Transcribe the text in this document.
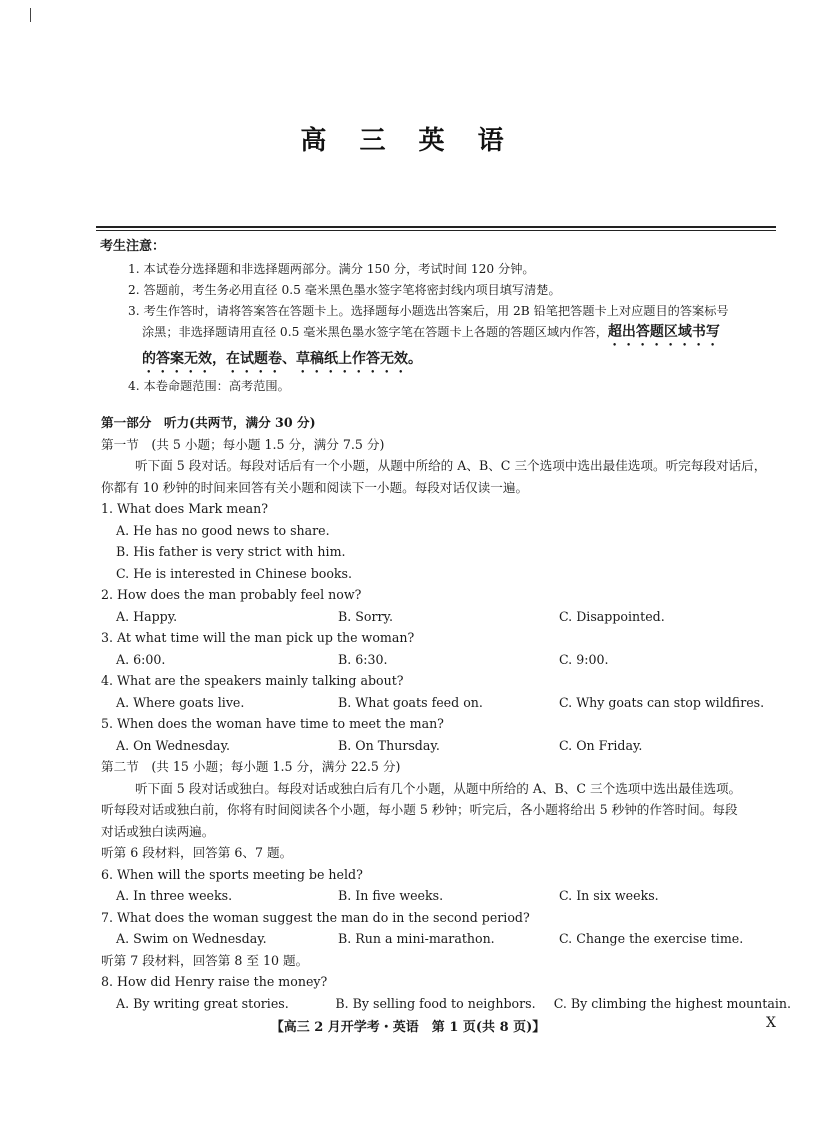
高 三 英 语
考生注意：
1. 本试卷分选择题和非选择题两部分。满分 150 分，考试时间 120 分钟。
2. 答题前，考生务必用直径 0.5 毫米黑色墨水签字笔将密封线内项目填写清楚。
3. 考生作答时，请将答案答在答题卡上。选择题每小题选出答案后，用 2B 铅笔把答题卡上对应题目的答案标号
涂黑；非选择题请用直径 0.5 毫米黑色墨水签字笔在答题卡上各题的答题区域内作答，超出答题区域书写
的答案无效，在试题卷、草稿纸上作答无效。
4. 本卷命题范围：高考范围。
第一部分　听力(共两节，满分 30 分)
第一节　(共 5 小题；每小题 1.5 分，满分 7.5 分)
听下面 5 段对话。每段对话后有一个小题，从题中所给的 A、B、C 三个选项中选出最佳选项。听完每段对话后，
你都有 10 秒钟的时间来回答有关小题和阅读下一小题。每段对话仅读一遍。
1. What does Mark mean?
A. He has no good news to share.
B. His father is very strict with him.
C. He is interested in Chinese books.
2. How does the man probably feel now?
A. Happy.	B. Sorry.	C. Disappointed.
3. At what time will the man pick up the woman?
A. 6:00.	B. 6:30.	C. 9:00.
4. What are the speakers mainly talking about?
A. Where goats live.	B. What goats feed on.	C. Why goats can stop wildfires.
5. When does the woman have time to meet the man?
A. On Wednesday.	B. On Thursday.	C. On Friday.
第二节　(共 15 小题；每小题 1.5 分，满分 22.5 分)
听下面 5 段对话或独白。每段对话或独白后有几个小题，从题中所给的 A、B、C 三个选项中选出最佳选项。
听每段对话或独白前，你将有时间阅读各个小题，每小题 5 秒钟；听完后，各小题将给出 5 秒钟的作答时间。每段
对话或独白读两遍。
听第 6 段材料，回答第 6、7 题。
6. When will the sports meeting be held?
A. In three weeks.	B. In five weeks.	C. In six weeks.
7. What does the woman suggest the man do in the second period?
A. Swim on Wednesday.	B. Run a mini-marathon.	C. Change the exercise time.
听第 7 段材料，回答第 8 至 10 题。
8. How did Henry raise the money?
A. By writing great stories.	B. By selling food to neighbors.	C. By climbing the highest mountain.
【高三 2 月开学考・英语　第 1 页(共 8 页)】	X
